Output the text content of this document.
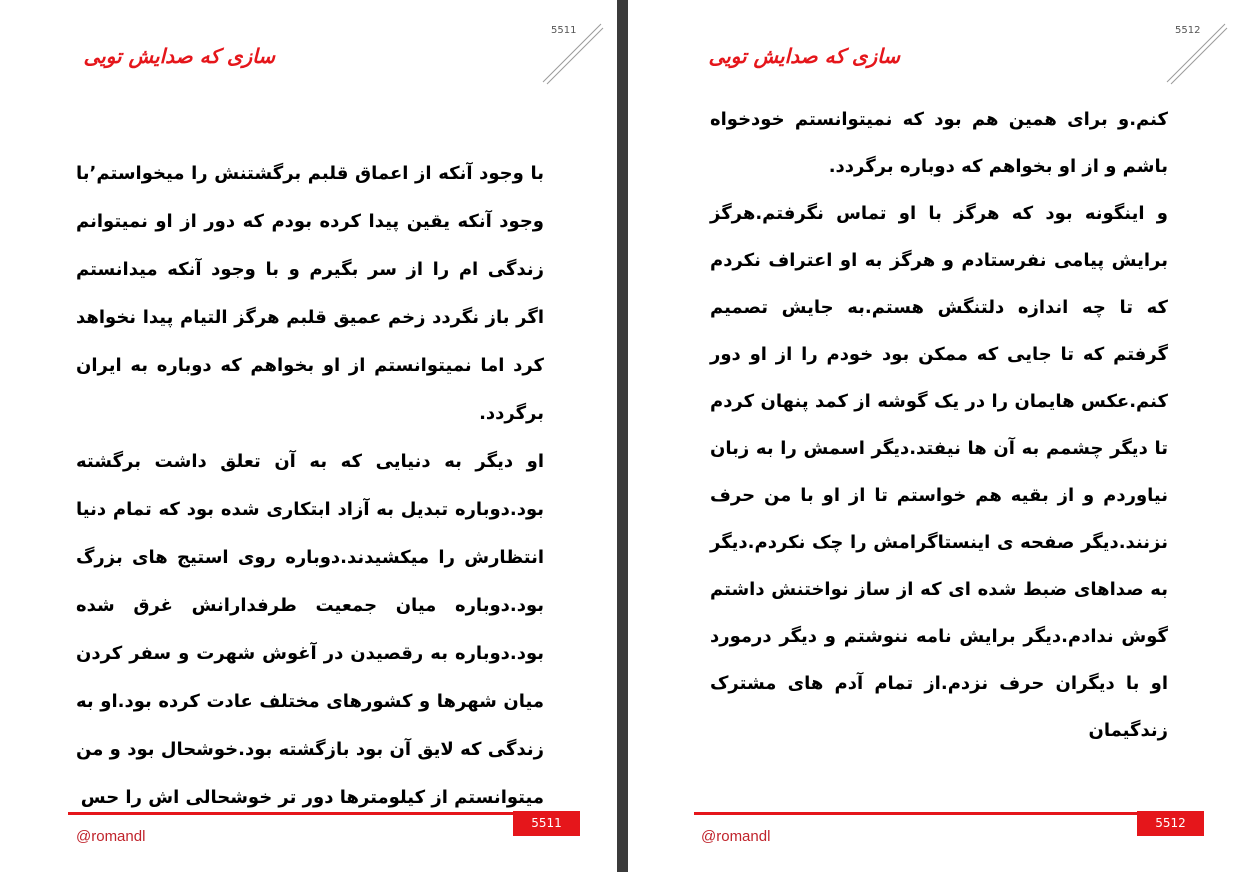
5511
سازی که صدایش تویی

با وجود آنکه از اعماق قلبم برگشتنش را میخواستم٬با وجود آنکه یقین پیدا کرده بودم که دور از او نمیتوانم زندگی ام را از سر بگیرم و با وجود آنکه میدانستم اگر باز نگردد زخم عمیق قلبم هرگز التیام پیدا نخواهد کرد اما نمیتوانستم از او بخواهم که دوباره به ایران برگردد.

او دیگر به دنیایی که به آن تعلق داشت برگشته بود.دوباره تبدیل به آزاد ابتکاری شده بود که تمام دنیا انتظارش را میکشیدند.دوباره روی استیج های بزرگ بود.دوباره میان جمعیت طرفدارانش غرق شده بود.دوباره به رقصیدن در آغوش شهرت و سفر کردن میان شهرها و کشورهای مختلف عادت کرده بود.او به زندگی که لایق آن بود بازگشته بود.خوشحال بود و من میتوانستم از کیلومترها دور تر خوشحالی اش را حس

5511
@romandl
5512
سازی که صدایش تویی

کنم.و برای همین هم بود که نمیتوانستم خودخواه باشم و از او بخواهم که دوباره برگردد.

و اینگونه بود که هرگز با او تماس نگرفتم.هرگز برایش پیامی نفرستادم و هرگز به او اعتراف نکردم که تا چه اندازه دلتنگش هستم.به جایش تصمیم گرفتم که تا جایی که ممکن بود خودم را از او دور کنم.عکس هایمان را در یک گوشه از کمد پنهان کردم تا دیگر چشمم به آن ها نیفتد.دیگر اسمش را به زبان نیاوردم و از بقیه هم خواستم تا از او با من حرف نزنند.دیگر صفحه ی اینستاگرامش را چک نکردم.دیگر به صداهای ضبط شده ای که از ساز نواختنش داشتم گوش ندادم.دیگر برایش نامه ننوشتم و دیگر درمورد او با دیگران حرف نزدم.از تمام آدم های مشترک زندگیمان

5512
@romandl
